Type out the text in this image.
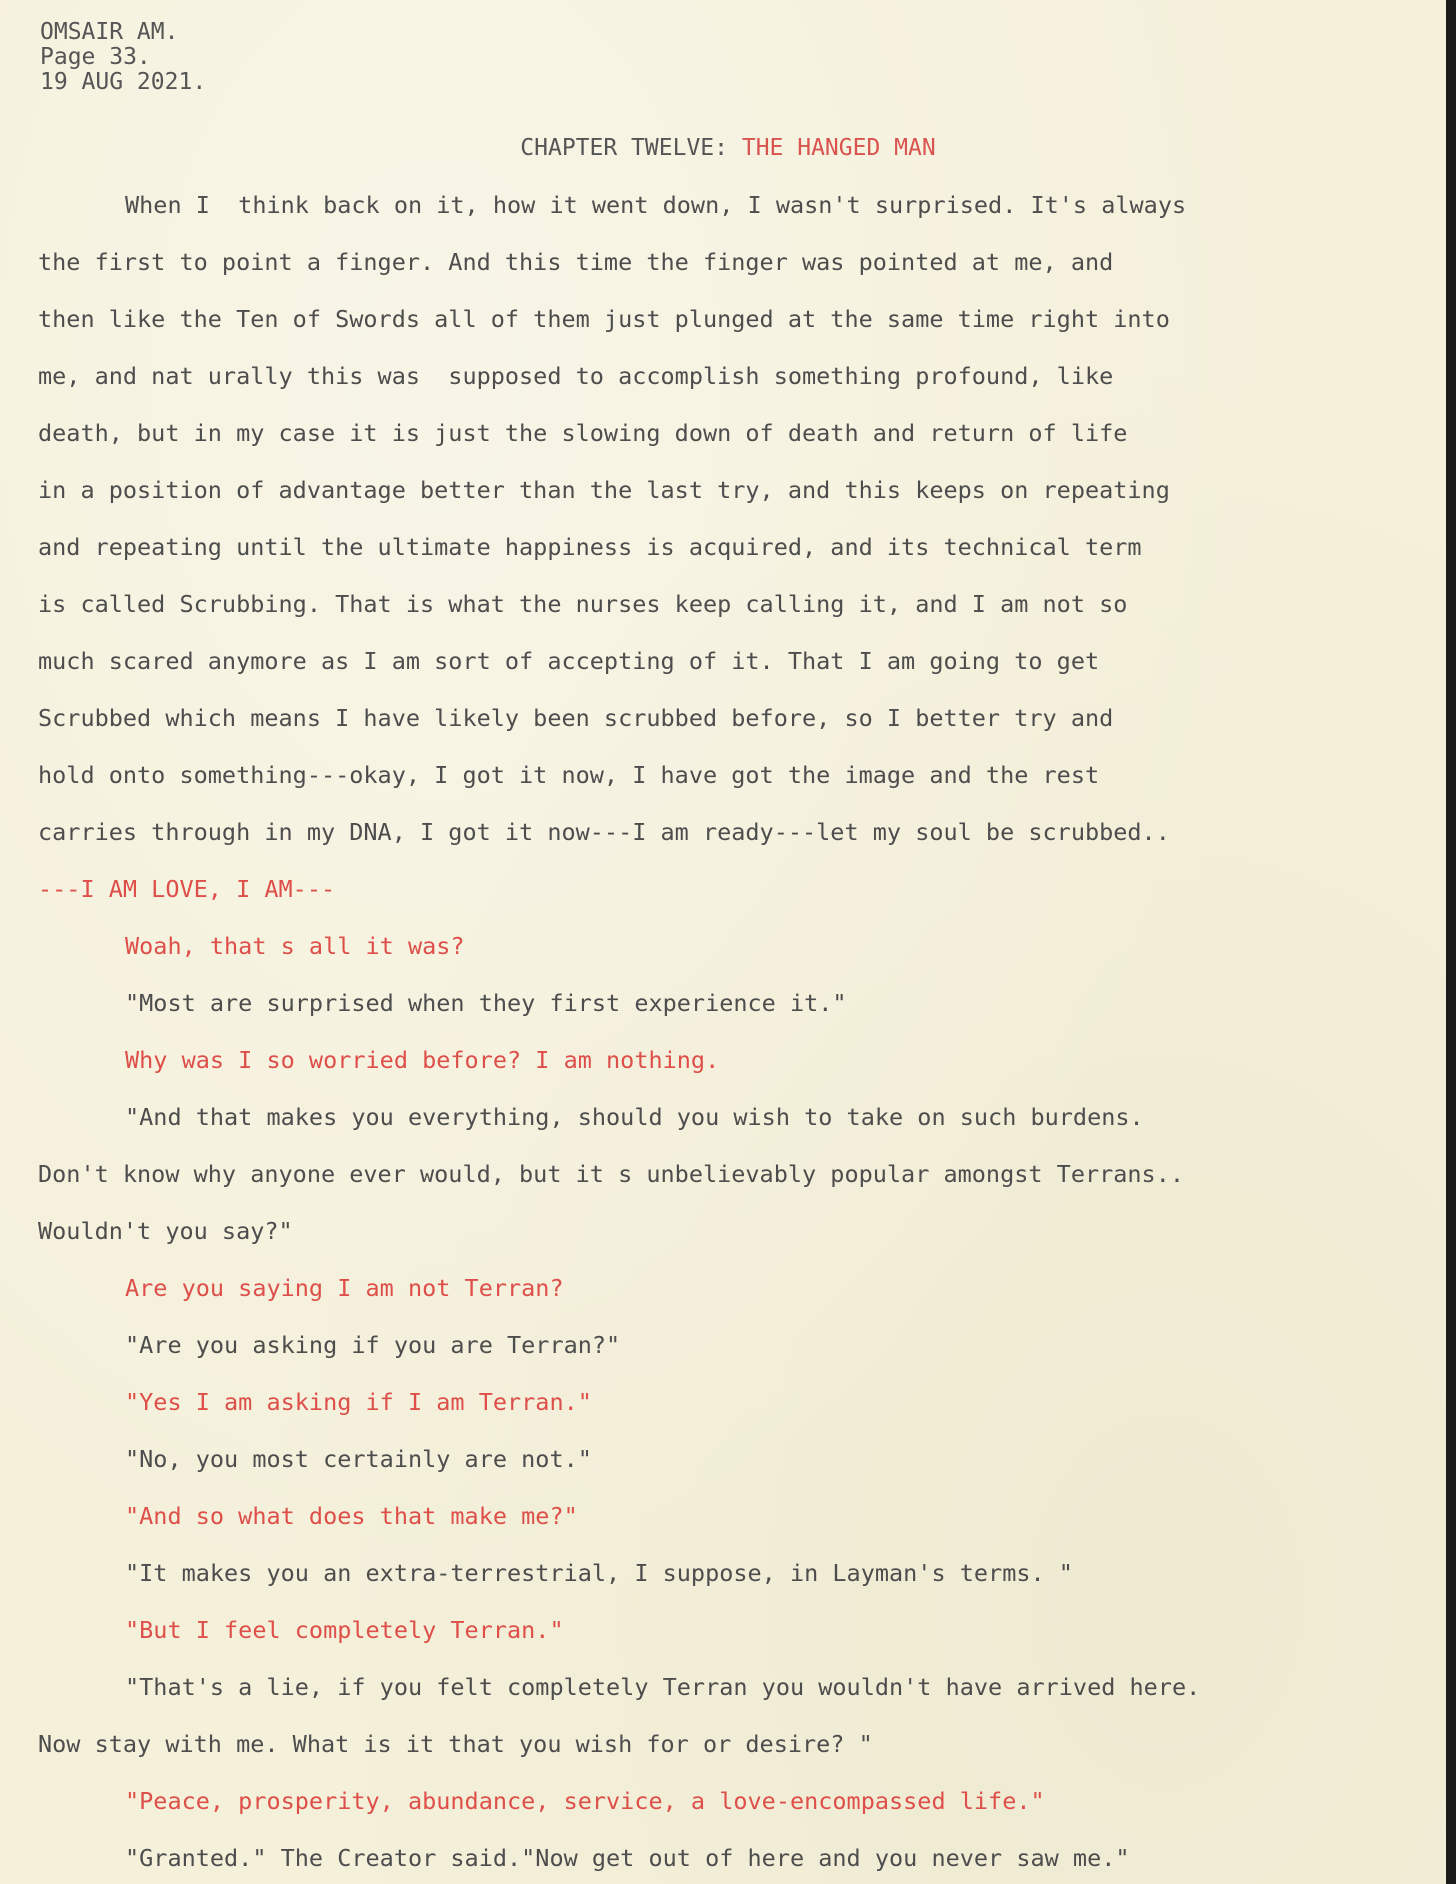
OMSAIR AM.
Page 33.
19 AUG 2021.
CHAPTER TWELVE: THE HANGED MAN
When I  think back on it, how it went down, I wasn't surprised. It's always
the first to point a finger. And this time the finger was pointed at me, and
then like the Ten of Swords all of them just plunged at the same time right into
me, and nat urally this was  supposed to accomplish something profound, like
death, but in my case it is just the slowing down of death and return of life
in a position of advantage better than the last try, and this keeps on repeating
and repeating until the ultimate happiness is acquired, and its technical term
is called Scrubbing. That is what the nurses keep calling it, and I am not so
much scared anymore as I am sort of accepting of it. That I am going to get
Scrubbed which means I have likely been scrubbed before, so I better try and
hold onto something---okay, I got it now, I have got the image and the rest
carries through in my DNA, I got it now---I am ready---let my soul be scrubbed..
---I AM LOVE, I AM---
Woah, that s all it was?
"Most are surprised when they first experience it."
Why was I so worried before? I am nothing.
"And that makes you everything, should you wish to take on such burdens.
Don't know why anyone ever would, but it s unbelievably popular amongst Terrans..
Wouldn't you say?"
Are you saying I am not Terran?
"Are you asking if you are Terran?"
"Yes I am asking if I am Terran."
"No, you most certainly are not."
"And so what does that make me?"
"It makes you an extra-terrestrial, I suppose, in Layman's terms. "
"But I feel completely Terran."
"That's a lie, if you felt completely Terran you wouldn't have arrived here.
Now stay with me. What is it that you wish for or desire? "
"Peace, prosperity, abundance, service, a love-encompassed life."
"Granted." The Creator said."Now get out of here and you never saw me."
